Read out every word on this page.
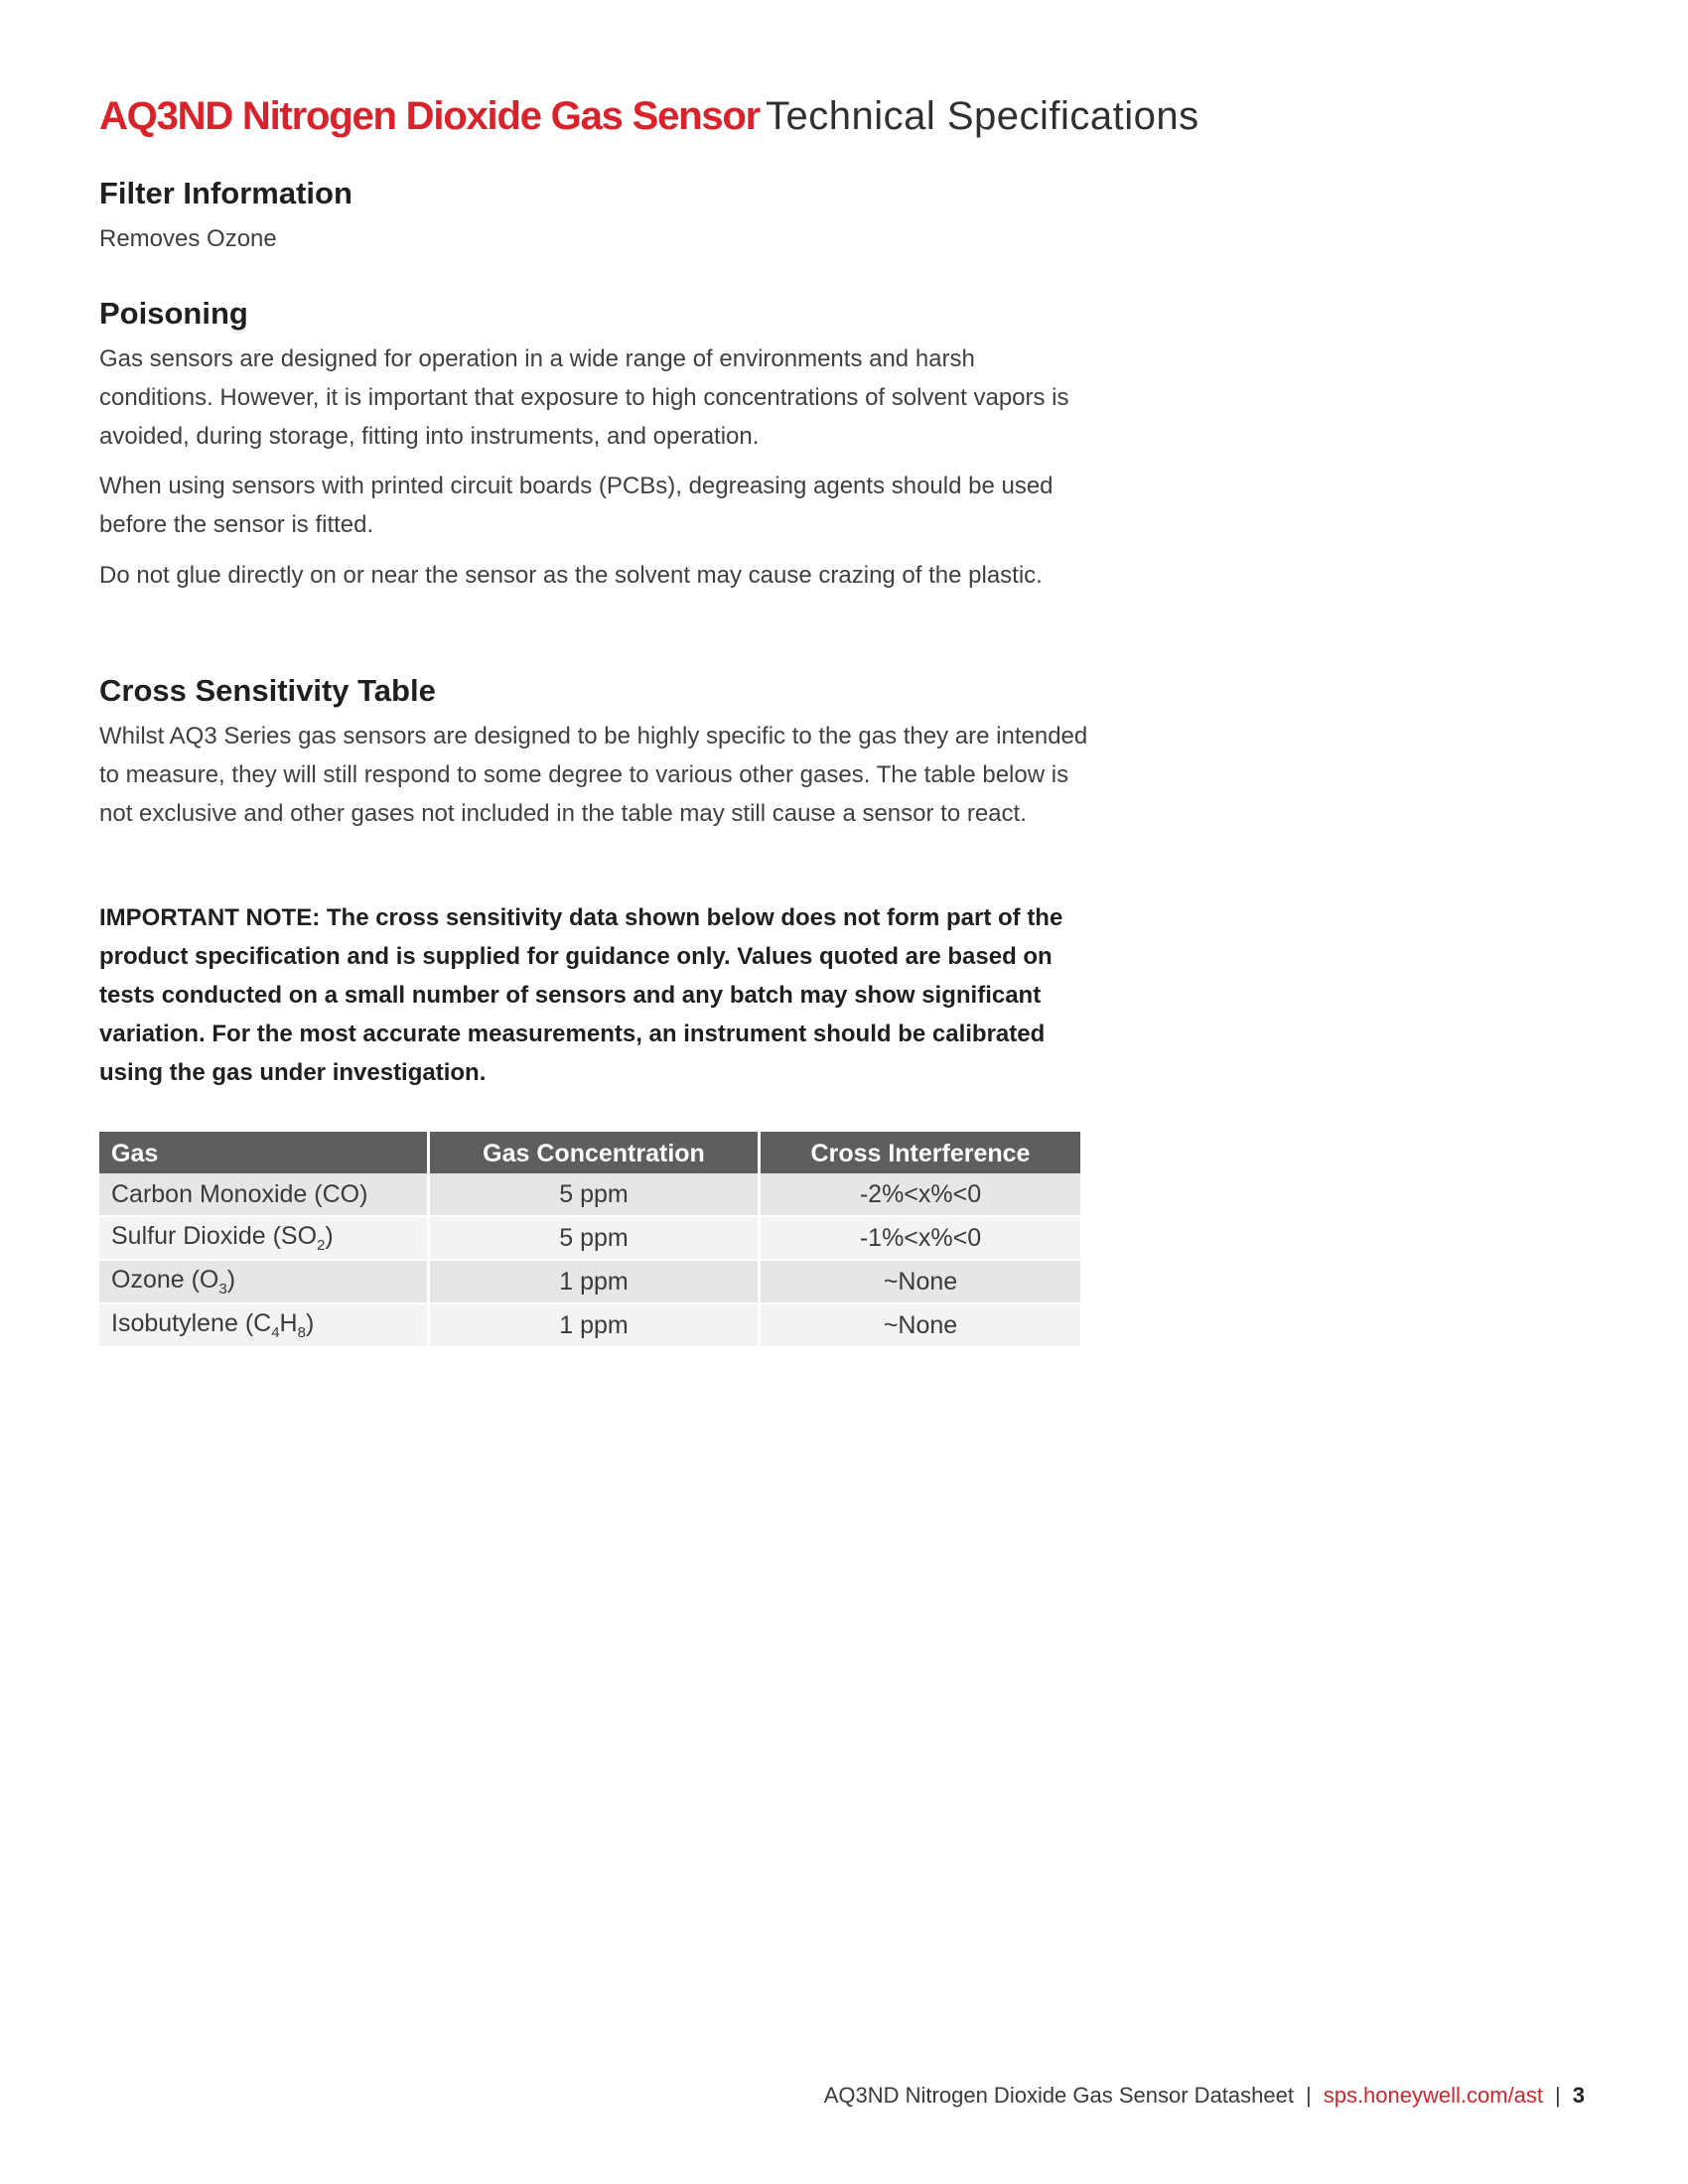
AQ3ND Nitrogen Dioxide Gas Sensor Technical Specifications
Filter Information

Removes Ozone

Poisoning

Gas sensors are designed for operation in a wide range of environments and harsh conditions. However, it is important that exposure to high concentrations of solvent vapors is avoided, during storage, fitting into instruments, and operation.

When using sensors with printed circuit boards (PCBs), degreasing agents should be used before the sensor is fitted.

Do not glue directly on or near the sensor as the solvent may cause crazing of the plastic.

Cross Sensitivity Table

Whilst AQ3 Series gas sensors are designed to be highly specific to the gas they are intended to measure, they will still respond to some degree to various other gases. The table below is not exclusive and other gases not included in the table may still cause a sensor to react.

IMPORTANT NOTE: The cross sensitivity data shown below does not form part of the product specification and is supplied for guidance only. Values quoted are based on tests conducted on a small number of sensors and any batch may show significant variation. For the most accurate measurements, an instrument should be calibrated using the gas under investigation.

Gas	Gas Concentration	Cross Interference
Carbon Monoxide (CO)	5 ppm	-2%<x%<0
Sulfur Dioxide $(SO_2)$	5 ppm	-1%<x%<0
Ozone $(O_3)$	1 ppm	~None
Isobutylene $(C_4H_8)$	1 ppm	~None
AQ3ND Nitrogen Dioxide Gas Sensor Datasheet | sps.honeywell.com/ast | 3
